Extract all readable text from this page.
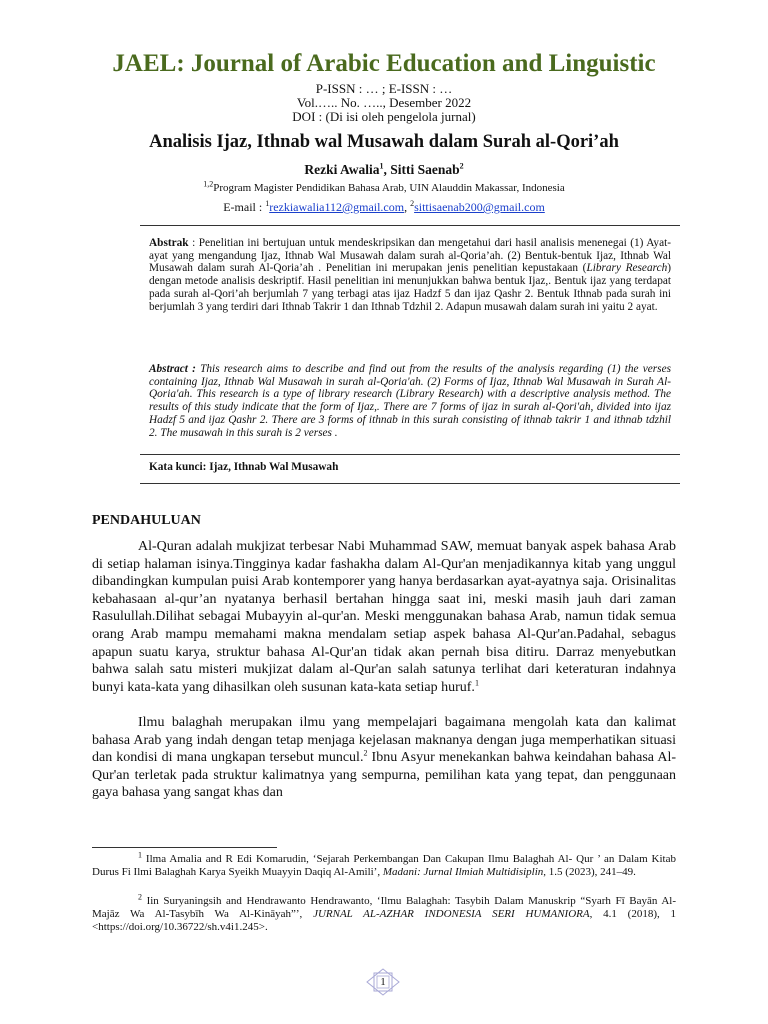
JAEL: Journal of Arabic Education and Linguistic
P-ISSN : … ; E-ISSN : …
Vol.….. No. ….., Desember 2022
DOI : (Di isi oleh pengelola jurnal)
Analisis Ijaz, Ithnab wal Musawah dalam Surah al-Qori’ah
Rezki Awalia$^1$, Sitti Saenab$^2$
$^{1,2}$Program Magister Pendidikan Bahasa Arab, UIN Alauddin Makassar, Indonesia
E-mail : $^1$rezkiawalia112@gmail.com, $^2$sittisaenab200@gmail.com
Abstrak : Penelitian ini bertujuan untuk mendeskripsikan dan mengetahui dari hasil analisis menenegai (1) Ayat-ayat yang mengandung Ijaz, Ithnab Wal Musawah dalam surah al-Qoria’ah. (2) Bentuk-bentuk Ijaz, Ithnab Wal Musawah dalam surah Al-Qoria’ah . Penelitian ini merupakan jenis penelitian kepustakaan (Library Research) dengan metode analisis deskriptif. Hasil penelitian ini menunjukkan bahwa bentuk Ijaz,. Bentuk ijaz yang terdapat pada surah al-Qori’ah berjumlah 7 yang terbagi atas ijaz Hadzf 5 dan ijaz Qashr 2. Bentuk Ithnab pada surah ini berjumlah 3 yang terdiri dari Ithnab Takrir 1 dan Ithnab Tdzhil 2. Adapun musawah dalam surah ini yaitu 2 ayat.
Abstract : This research aims to describe and find out from the results of the analysis regarding (1) the verses containing Ijaz, Ithnab Wal Musawah in surah al-Qoria'ah. (2) Forms of Ijaz, Ithnab Wal Musawah in Surah Al-Qoria'ah. This research is a type of library research (Library Research) with a descriptive analysis method. The results of this study indicate that the form of Ijaz,. There are 7 forms of ijaz in surah al-Qori'ah, divided into ijaz Hadzf 5 and ijaz Qashr 2. There are 3 forms of ithnab in this surah consisting of ithnab takrir 1 and ithnab tdzhil 2. The musawah in this surah is 2 verses .
Kata kunci: Ijaz, Ithnab Wal Musawah
PENDAHULUAN
Al-Quran adalah mukjizat terbesar Nabi Muhammad SAW, memuat banyak aspek bahasa Arab di setiap halaman isinya.Tingginya kadar fashakha dalam Al-Qur'an menjadikannya kitab yang unggul dibandingkan kumpulan puisi Arab kontemporer yang hanya berdasarkan ayat-ayatnya saja. Orisinalitas kebahasaan al-qur’an nyatanya berhasil bertahan hingga saat ini, meski masih jauh dari zaman Rasulullah.Dilihat sebagai Mubayyin al-qur'an. Meski menggunakan bahasa Arab, namun tidak semua orang Arab mampu memahami makna mendalam setiap aspek bahasa Al-Qur'an.Padahal, sebagus apapun suatu karya, struktur bahasa Al-Qur'an tidak akan pernah bisa ditiru. Darraz menyebutkan bahwa salah satu misteri mukjizat dalam al-Qur'an salah satunya terlihat dari keteraturan indahnya bunyi kata-kata yang dihasilkan oleh susunan kata-kata setiap huruf.$^1$
Ilmu balaghah merupakan ilmu yang mempelajari bagaimana mengolah kata dan kalimat bahasa Arab yang indah dengan tetap menjaga kejelasan maknanya dengan juga memperhatikan situasi dan kondisi di mana ungkapan tersebut muncul.$^2$ Ibnu Asyur menekankan bahwa keindahan bahasa Al-Qur'an terletak pada struktur kalimatnya yang sempurna, pemilihan kata yang tepat, dan penggunaan gaya bahasa yang sangat khas dan
$^1$ Ilma Amalia and R Edi Komarudin, ‘Sejarah Perkembangan Dan Cakupan Ilmu Balaghah Al- Qur ’ an Dalam Kitab Durus Fi Ilmi Balaghah Karya Syeikh Muayyin Daqiq Al-Amili’, Madani: Jurnal Ilmiah Multidisiplin, 1.5 (2023), 241–49.
$^2$ Iin Suryaningsih and Hendrawanto Hendrawanto, ‘Ilmu Balaghah: Tasybih Dalam Manuskrip “Syarh Fī Bayān Al-Majāz Wa Al-Tasybīh Wa Al-Kināyah”’, JURNAL AL-AZHAR INDONESIA SERI HUMANIORA, 4.1 (2018), 1 <https://doi.org/10.36722/sh.v4i1.245>.
1
